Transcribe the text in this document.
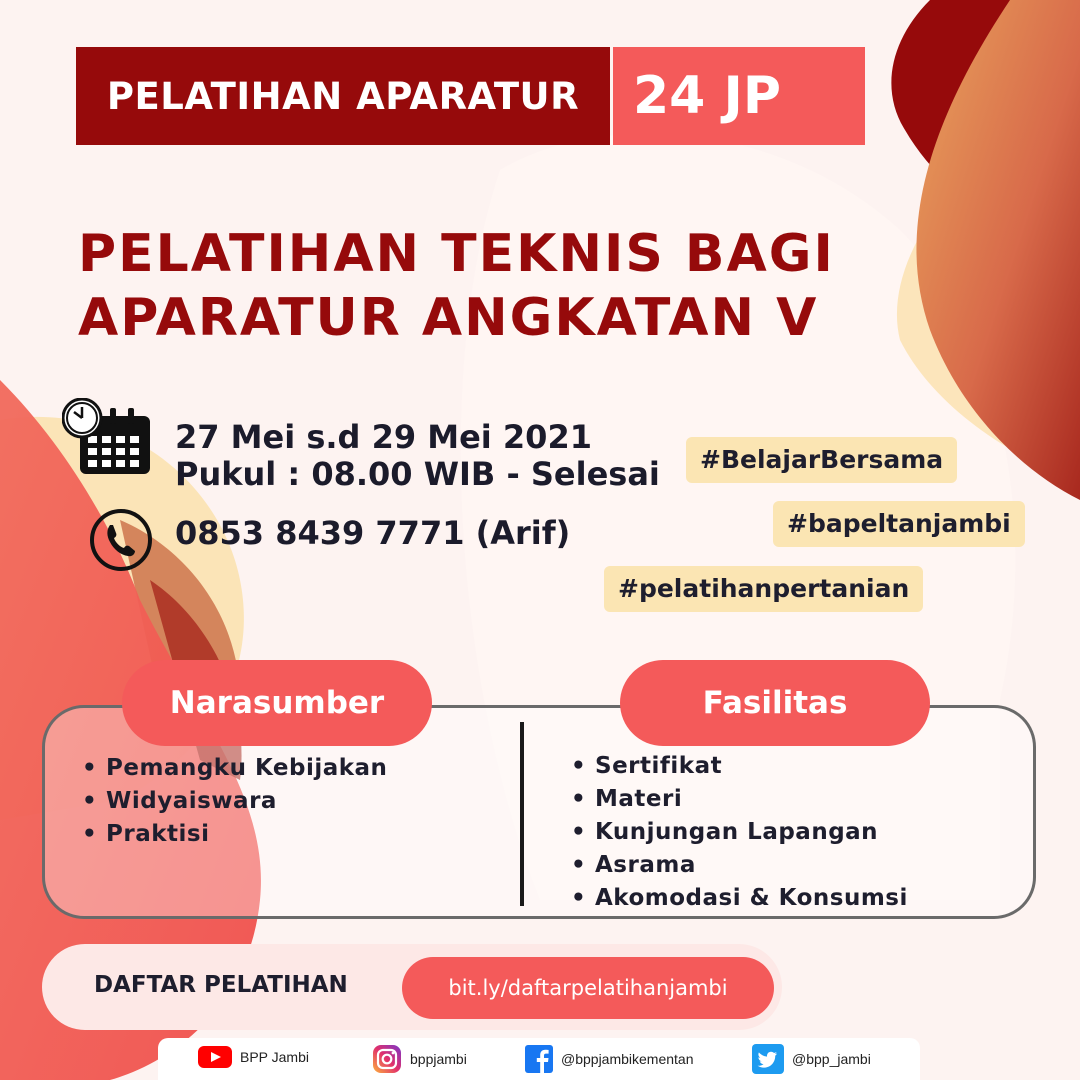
PELATIHAN APARATUR 24 JP
PELATIHAN TEKNIS BAGI
APARATUR ANGKATAN V
27 Mei s.d 29 Mei 2021
Pukul : 08.00 WIB - Selesai
0853 8439 7771 (Arif)
#BelajarBersama
#bapeltanjambi
#pelatihanpertanian
Narasumber	Fasilitas
• Pemangku Kebijakan
• Widyaiswara
• Praktisi
• Sertifikat
• Materi
• Kunjungan Lapangan
• Asrama
• Akomodasi & Konsumsi
DAFTAR PELATIHAN	bit.ly/daftarpelatihanjambi
BPP Jambi	bppjambi	@bppjambikementan	@bpp_jambi
